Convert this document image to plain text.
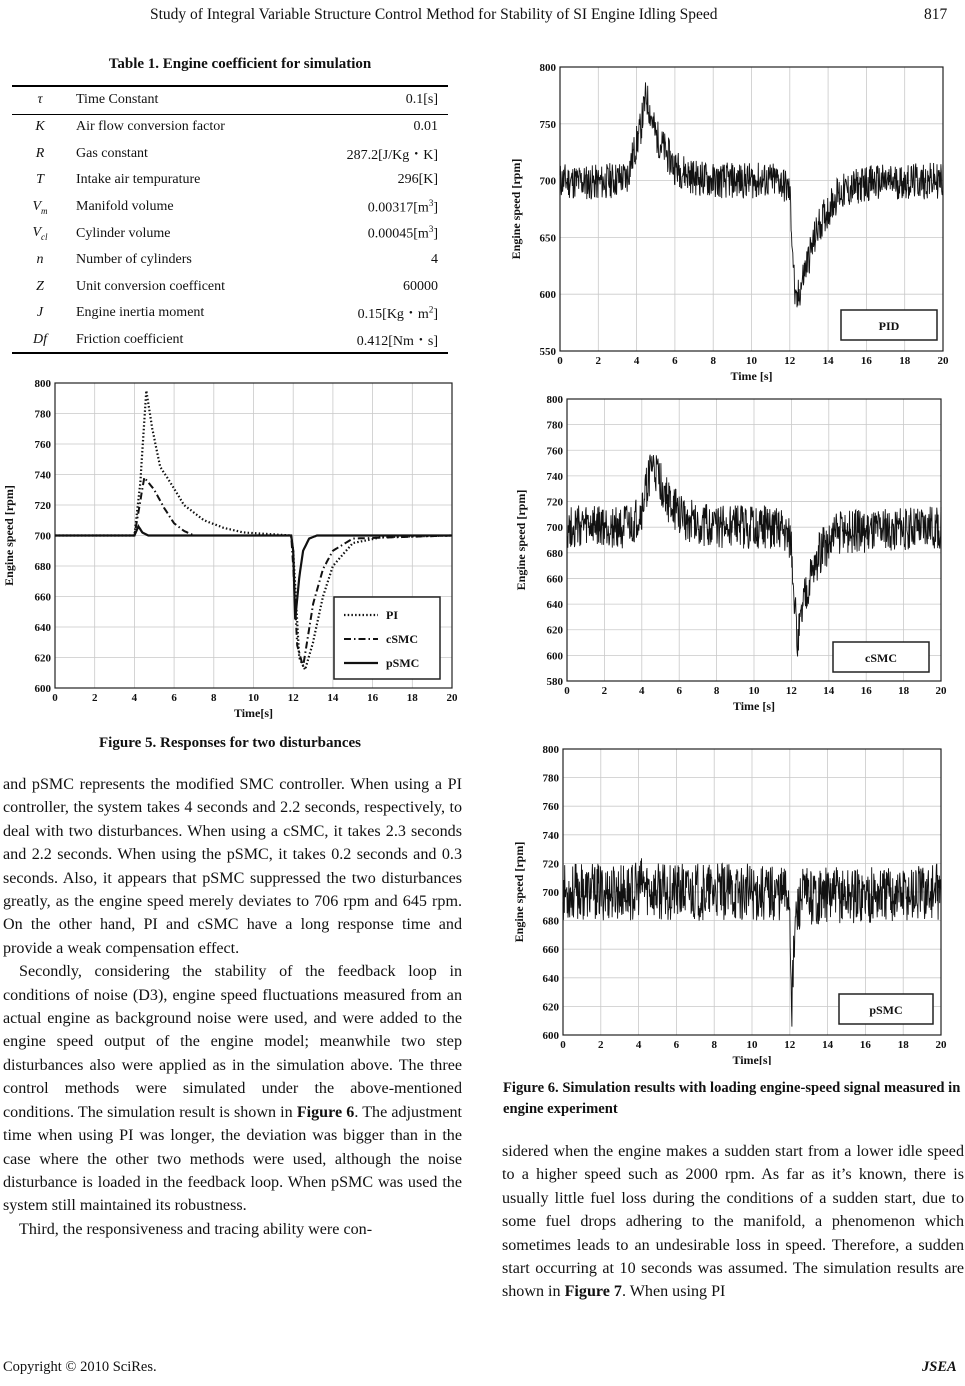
Study of Integral Variable Structure Control Method for Stability of SI Engine Idling Speed	817
Table 1. Engine coefficient for simulation
τ	Time Constant	0.1[s]
K	Air flow conversion factor	0.01
R	Gas constant	287.2[J/Kg・K]
T	Intake air tempurature	296[K]
$V_m$	Manifold volume	$0.00317[m^3]$
$V_{cl}$	Cylinder volume	$0.00045[m^3]$
n	Number of cylinders	4
Z	Unit conversion coefficent	60000
J	Engine inertia moment	0.15[Kg・$m^2$]
Df	Friction coefficient	0.412[Nm・s]
0	2	4	6	8	10	12	14	16	18	20
600
620
640
660
680
700
720
740
760
780
800
Time[s]
Engine speed [rpm]
PI
cSMC
pSMC
Figure 5. Responses for two disturbances
0	2	4	6	8	10 12 14 16 18 20
550
600
650
700
750
800
Time [s]
Engine speed [rpm]
PID
0	2	4	6	8	10 12 14 16 18 20
580
600
620
640
660
680
700
720
740
760
780
800
Time [s]
Engine speed [rpm]
cSMC
0	2	4	6	8	10 12 14 16 18 20
600
620
640
660
680
700
720
740
760
780
800
Time[s]
Engine speed [rpm]
pSMC
Figure 6. Simulation results with loading engine-speed signal measured in engine experiment

and pSMC represents the modified SMC controller. When using a PI controller, the system takes 4 seconds and 2.2 seconds, respectively, to deal with two disturbances. When using a cSMC, it takes 2.3 seconds and 2.2 seconds. When using the pSMC, it takes 0.2 seconds and 0.3 seconds. Also, it appears that pSMC suppressed the two disturbances greatly, as the engine speed merely deviates to 706 rpm and 645 rpm. On the other hand, PI and cSMC have a long response time and provide a weak compensation effect.

Secondly, considering the stability of the feedback loop in conditions of noise (D3), engine speed fluctuations measured from an actual engine as background noise were used, and were added to the engine speed output of the engine model; meanwhile two step disturbances also were applied as in the simulation above. The three control methods were simulated under the above-mentioned conditions. The simulation result is shown in Figure 6. The adjustment time when using PI was longer, the deviation was bigger than in the case where the other two methods were used, although the noise disturbance is loaded in the feedback loop. When pSMC was used the system still maintained its robustness.

Third, the responsiveness and tracing ability were con-

sidered when the engine makes a sudden start from a lower idle speed to a higher speed such as 2000 rpm. As far as it’s known, there is usually little fuel loss during the conditions of a sudden start, due to some fuel drops adhering to the manifold, a phenomenon which sometimes leads to an undesirable loss in speed. Therefore, a sudden start occurring at 10 seconds was assumed. The simulation results are shown in Figure 7. When using PI

Copyright © 2010 SciRes.	JSEA
